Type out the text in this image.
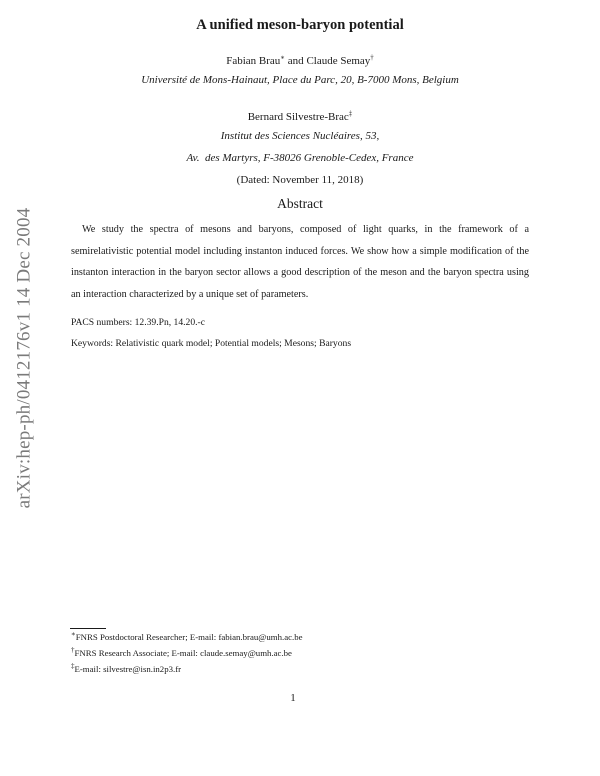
arXiv:hep-ph/0412176v1 14 Dec 2004
A unified meson-baryon potential
Fabian Brau∗ and Claude Semay†
Université de Mons-Hainaut, Place du Parc, 20, B-7000 Mons, Belgium
Bernard Silvestre-Brac‡
Institut des Sciences Nucléaires, 53,
Av.  des Martyrs, F-38026 Grenoble-Cedex, France
(Dated: November 11, 2018)
Abstract
We study the spectra of mesons and baryons, composed of light quarks, in the framework of a semirelativistic potential model including instanton induced forces. We show how a simple modification of the instanton interaction in the baryon sector allows a good description of the meson and the baryon spectra using an interaction characterized by a unique set of parameters.
PACS numbers: 12.39.Pn, 14.20.-c
Keywords: Relativistic quark model; Potential models; Mesons; Baryons
∗FNRS Postdoctoral Researcher; E-mail: fabian.brau@umh.ac.be
†FNRS Research Associate; E-mail: claude.semay@umh.ac.be
‡E-mail: silvestre@isn.in2p3.fr
1
